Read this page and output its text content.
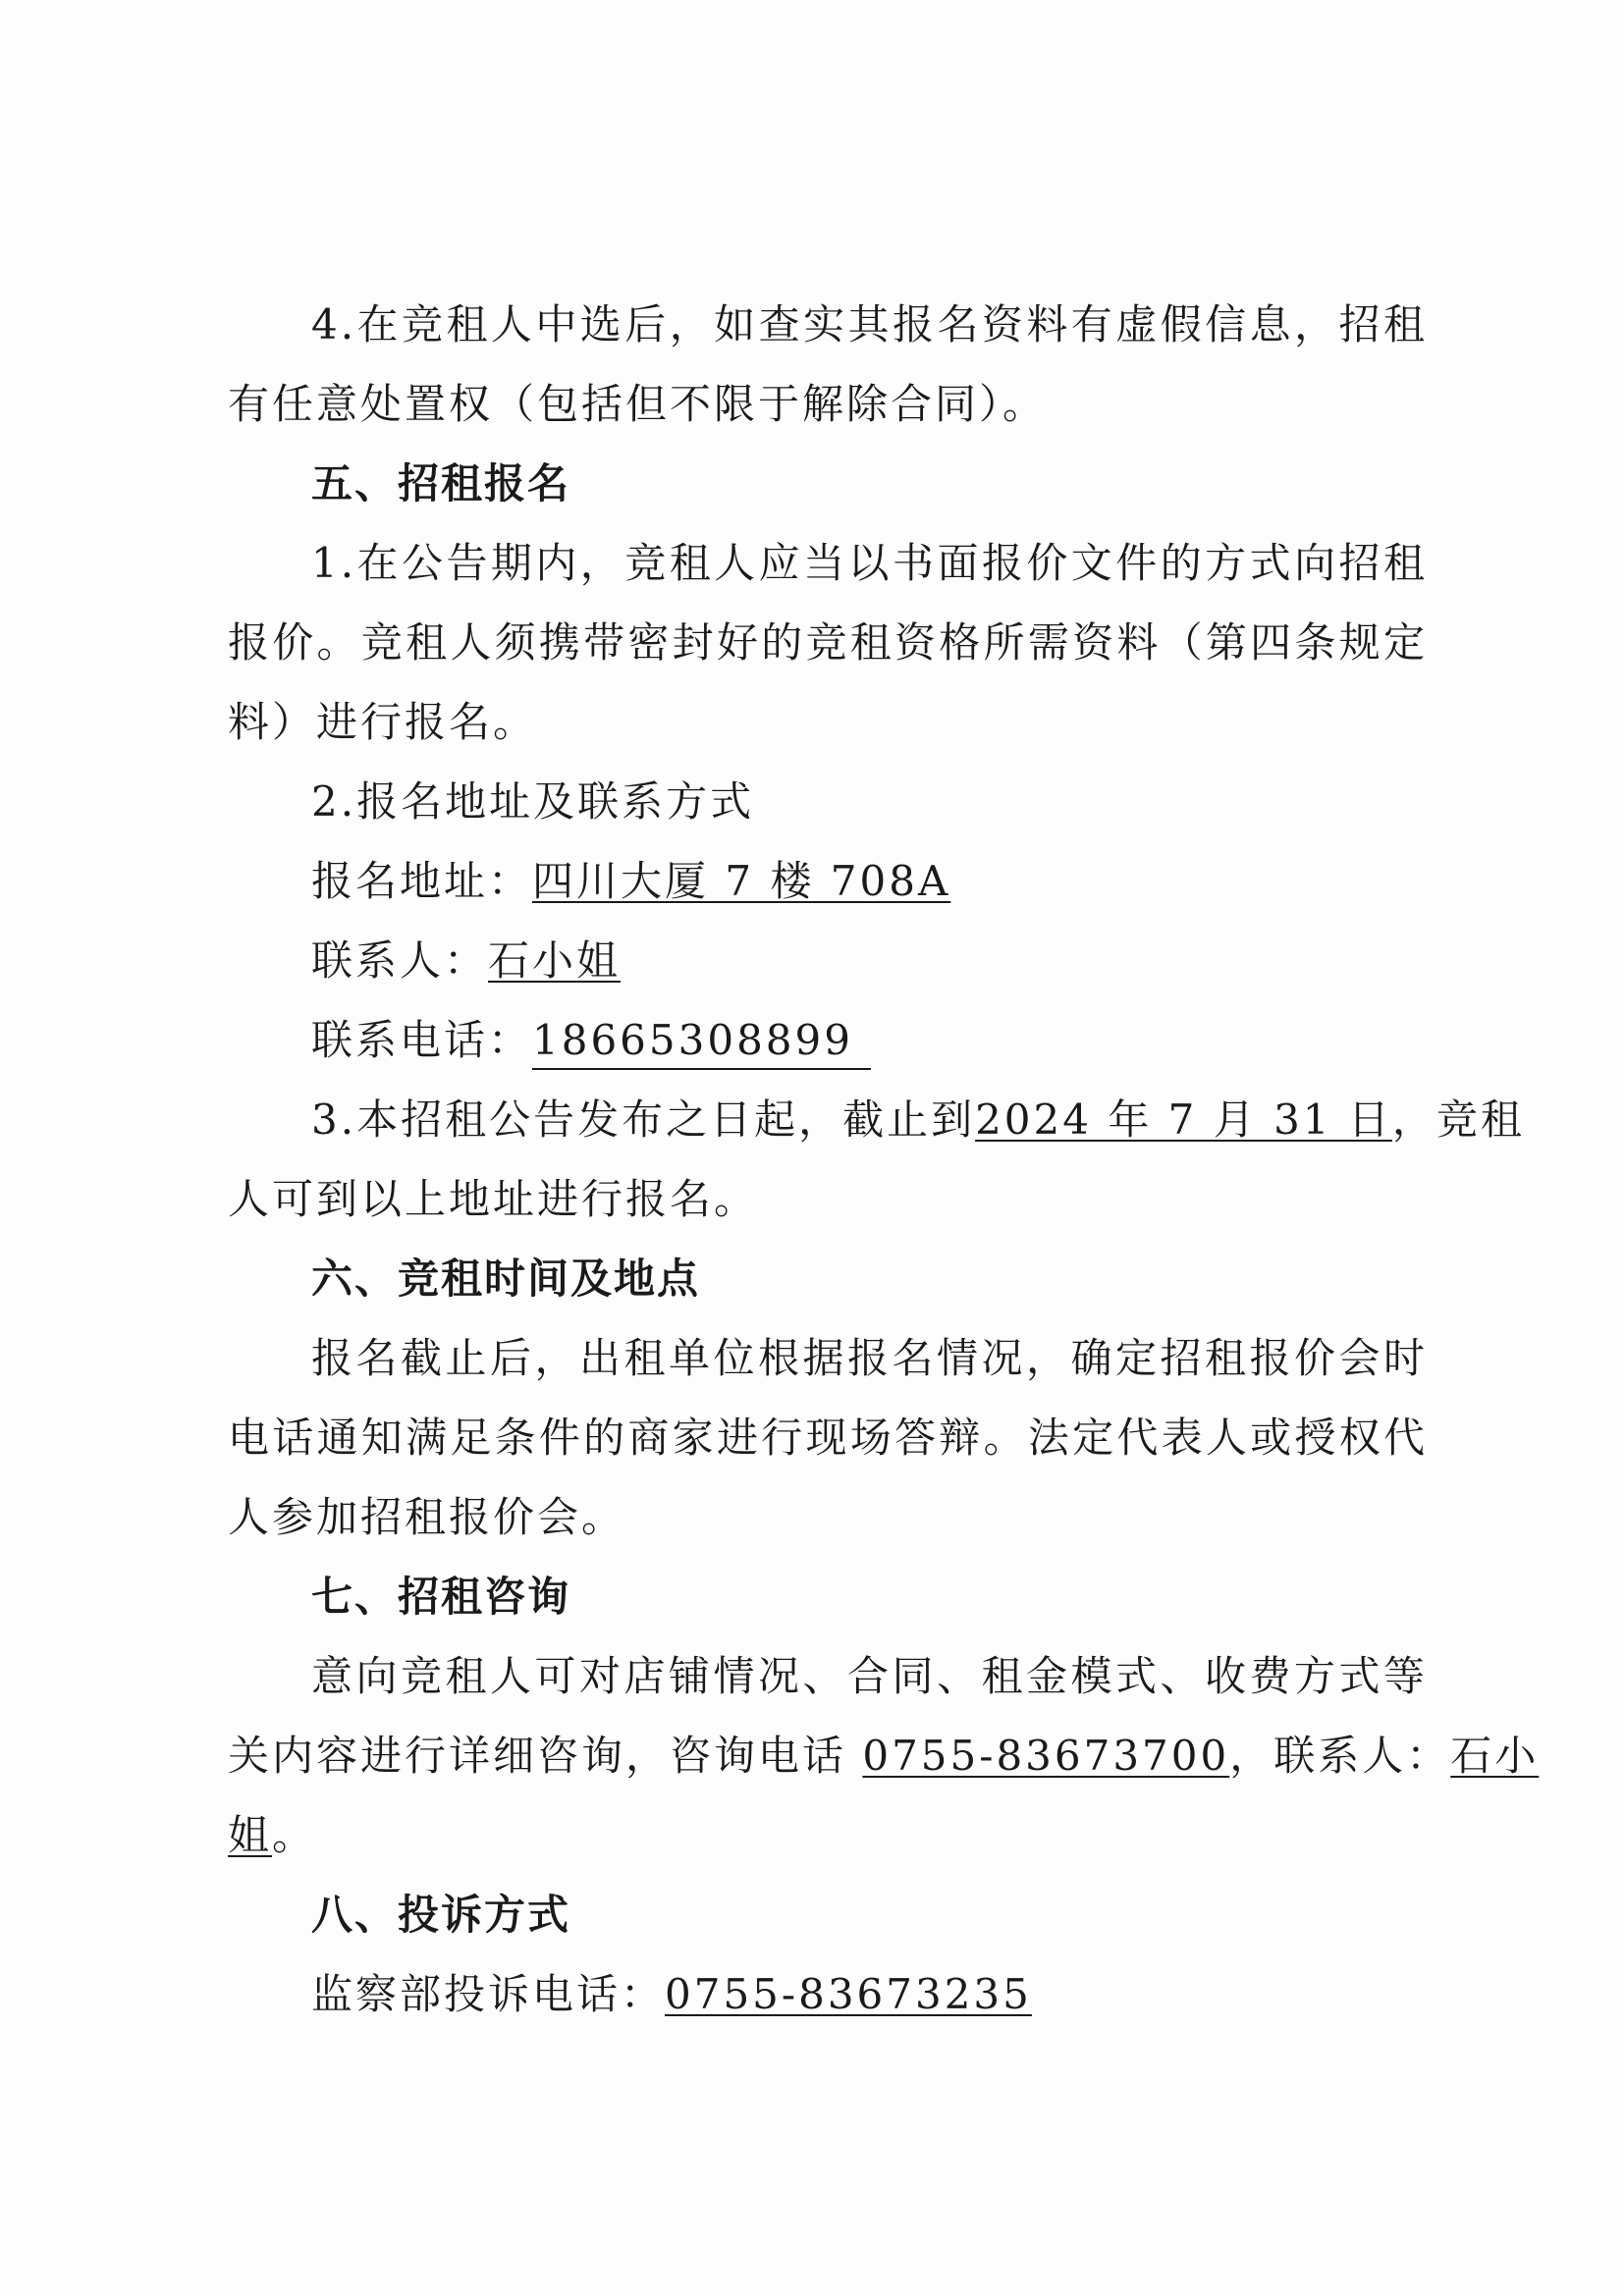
4.在竞租人中选后，如查实其报名资料有虚假信息，招租
有任意处置权（包括但不限于解除合同）。
五、招租报名
1.在公告期内，竞租人应当以书面报价文件的方式向招租
报价。竞租人须携带密封好的竞租资格所需资料（第四条规定
料）进行报名。
2.报名地址及联系方式
报名地址：四川大厦 7 楼 708A
联系人：石小姐
联系电话：18665308899
3.本招租公告发布之日起，截止到2024 年 7 月 31 日，竞租
人可到以上地址进行报名。
六、竞租时间及地点
报名截止后，出租单位根据报名情况，确定招租报价会时
电话通知满足条件的商家进行现场答辩。法定代表人或授权代
人参加招租报价会。
七、招租咨询
意向竞租人可对店铺情况、合同、租金模式、收费方式等
关内容进行详细咨询，咨询电话 0755-83673700，联系人：石小
姐。
八、投诉方式
监察部投诉电话：0755-83673235
